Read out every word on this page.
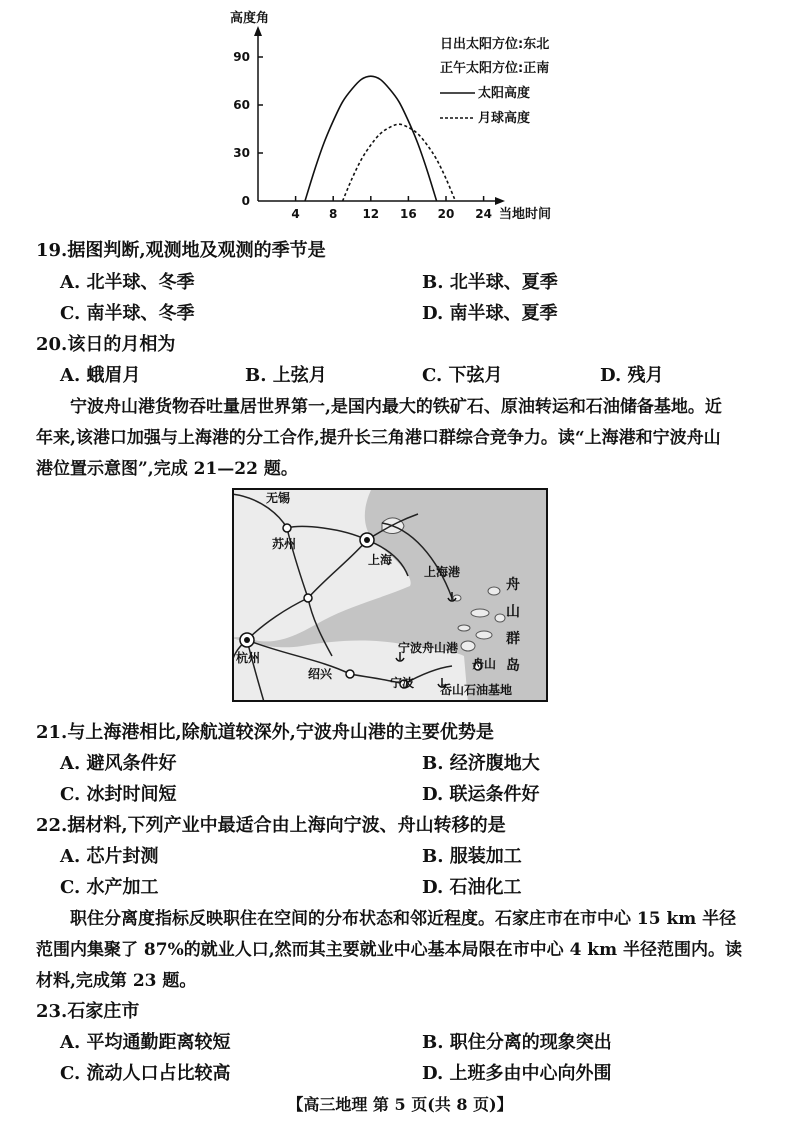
高度角
当地时间
日出太阳方位:东北
正午太阳方位:正南
太阳高度
月球高度
4 8 12 16 20 24
0
30
60
90
19.据图判断,观测地及观测的季节是
A. 北半球、冬季	B. 北半球、夏季
C. 南半球、冬季	D. 南半球、夏季
20.该日的月相为
A. 蛾眉月	B. 上弦月	C. 下弦月	D. 残月

宁波舟山港货物吞吐量居世界第一,是国内最大的铁矿石、原油转运和石油储备基地。近

年来,该港口加强与上海港的分工合作,提升长三角港口群综合竞争力。读“上海港和宁波舟山

港位置示意图”,完成 21—22 题。

无锡
苏州
上海
上海港
杭州
绍兴
宁波
宁波舟山港
舟山
岙山石油基地
舟
山
群
岛
21.与上海港相比,除航道较深外,宁波舟山港的主要优势是
A. 避风条件好	B. 经济腹地大
C. 冰封时间短	D. 联运条件好
22.据材料,下列产业中最适合由上海向宁波、舟山转移的是
A. 芯片封测	B. 服装加工
C. 水产加工	D. 石油化工

职住分离度指标反映职住在空间的分布状态和邻近程度。石家庄市在市中心 15 km 半径

范围内集聚了 87%的就业人口,然而其主要就业中心基本局限在市中心 4 km 半径范围内。读

材料,完成第 23 题。

23.石家庄市
A. 平均通勤距离较短	B. 职住分离的现象突出
C. 流动人口占比较高	D. 上班多由中心向外围
【高三地理 第 5 页(共 8 页)】
